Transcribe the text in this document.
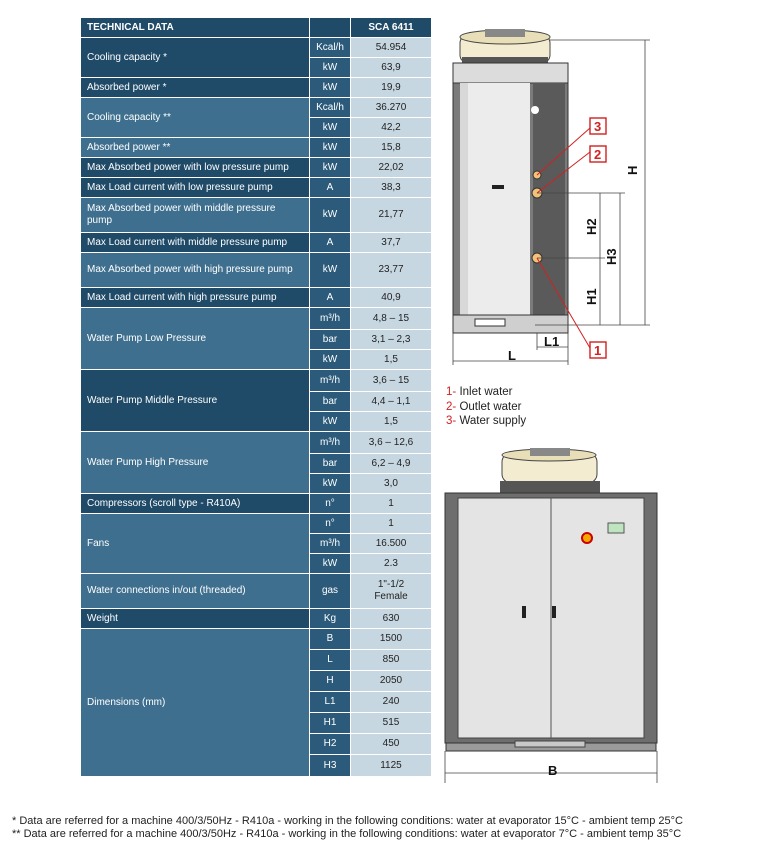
TECHNICAL DATA		SCA 6411
Cooling capacity *	Kcal/h	54.954
	kW	63,9
Absorbed power *	kW	19,9
Cooling capacity **	Kcal/h	36.270
	kW	42,2
Absorbed power **	kW	15,8
Max Absorbed power with low pressure pump	kW	22,02
Max Load current with low pressure pump	A	38,3
Max Absorbed power with middle pressure pump	kW	21,77
Max Load current with middle pressure pump	A	37,7
Max Absorbed power with high pressure pump	kW	23,77
Max Load current with high pressure pump	A	40,9
Water Pump Low Pressure	m³/h	4,8 – 15
	bar	3,1 – 2,3
	kW	1,5
Water Pump Middle Pressure	m³/h	3,6 – 15
	bar	4,4 – 1,1
	kW	1,5
Water Pump High Pressure	m³/h	3,6 – 12,6
	bar	6,2 – 4,9
	kW	3,0
Compressors (scroll type - R410A)	n°	1
Fans	n°	1
	m³/h	16.500
	kW	2.3
Water connections in/out (threaded)	gas	1"-1/2
Female
Weight	Kg	630
Dimensions (mm)	B	1500
	L	850
	H	2050
	L1	240
	H1	515
	H2	450
	H3	1125
H
H2
H3
H1
L
L1
3
2
1
1- Inlet water
2- Outlet water
3- Water supply
B
* Data are referred for a machine 400/3/50Hz - R410a - working in the following conditions: water at evaporator 15°C - ambient temp 25°C
** Data are referred for a machine 400/3/50Hz - R410a - working in the following conditions: water at evaporator 7°C - ambient temp 35°C
